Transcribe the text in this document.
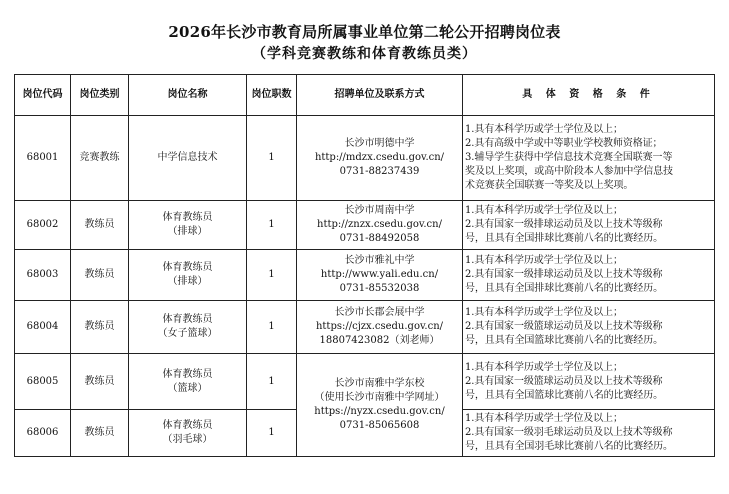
2026年长沙市教育局所属事业单位第二轮公开招聘岗位表
（学科竞赛教练和体育教练员类）
岗位代码	岗位类别	岗位名称	岗位职数	招聘单位及联系方式	具 体 资 格 条 件
68001	竞赛教练	中学信息技术	1	长沙市明德中学
http://mdzx.csedu.gov.cn/
0731-88237439	1.具有本科学历或学士学位及以上；
2.具有高级中学或中等职业学校教师资格证；
3.辅导学生获得中学信息技术竞赛全国联赛一等
奖及以上奖项，或高中阶段本人参加中学信息技
术竞赛获全国联赛一等奖及以上奖项。

68002	教练员	体育教练员
（排球）	1	长沙市周南中学
http://znzx.csedu.gov.cn/
0731-88492058	1.具有本科学历或学士学位及以上；
2.具有国家一级排球运动员及以上技术等级称
号，且具有全国排球比赛前八名的比赛经历。

68003	教练员	体育教练员
（排球）	1	长沙市雅礼中学
http://www.yali.edu.cn/
0731-85532038	1.具有本科学历或学士学位及以上；
2.具有国家一级排球运动员及以上技术等级称
号，且具有全国排球比赛前八名的比赛经历。

68004	教练员	体育教练员
（女子篮球）	1	长沙市长郡会展中学
https://cjzx.csedu.gov.cn/
18807423082（刘老师）	1.具有本科学历或学士学位及以上；
2.具有国家一级篮球运动员及以上技术等级称
号，且具有全国篮球比赛前八名的比赛经历。

68005	教练员	体育教练员
（篮球）	1	长沙市南雅中学东校
（使用长沙市南雅中学网址）
https://nyzx.csedu.gov.cn/
0731-85065608	1.具有本科学历或学士学位及以上；
2.具有国家一级篮球运动员及以上技术等级称
号，且具有全国篮球比赛前八名的比赛经历。

68006	教练员	体育教练员
（羽毛球）	1		1.具有本科学历或学士学位及以上；
2.具有国家一级羽毛球运动员及以上技术等级称
号，且具有全国羽毛球比赛前八名的比赛经历。
